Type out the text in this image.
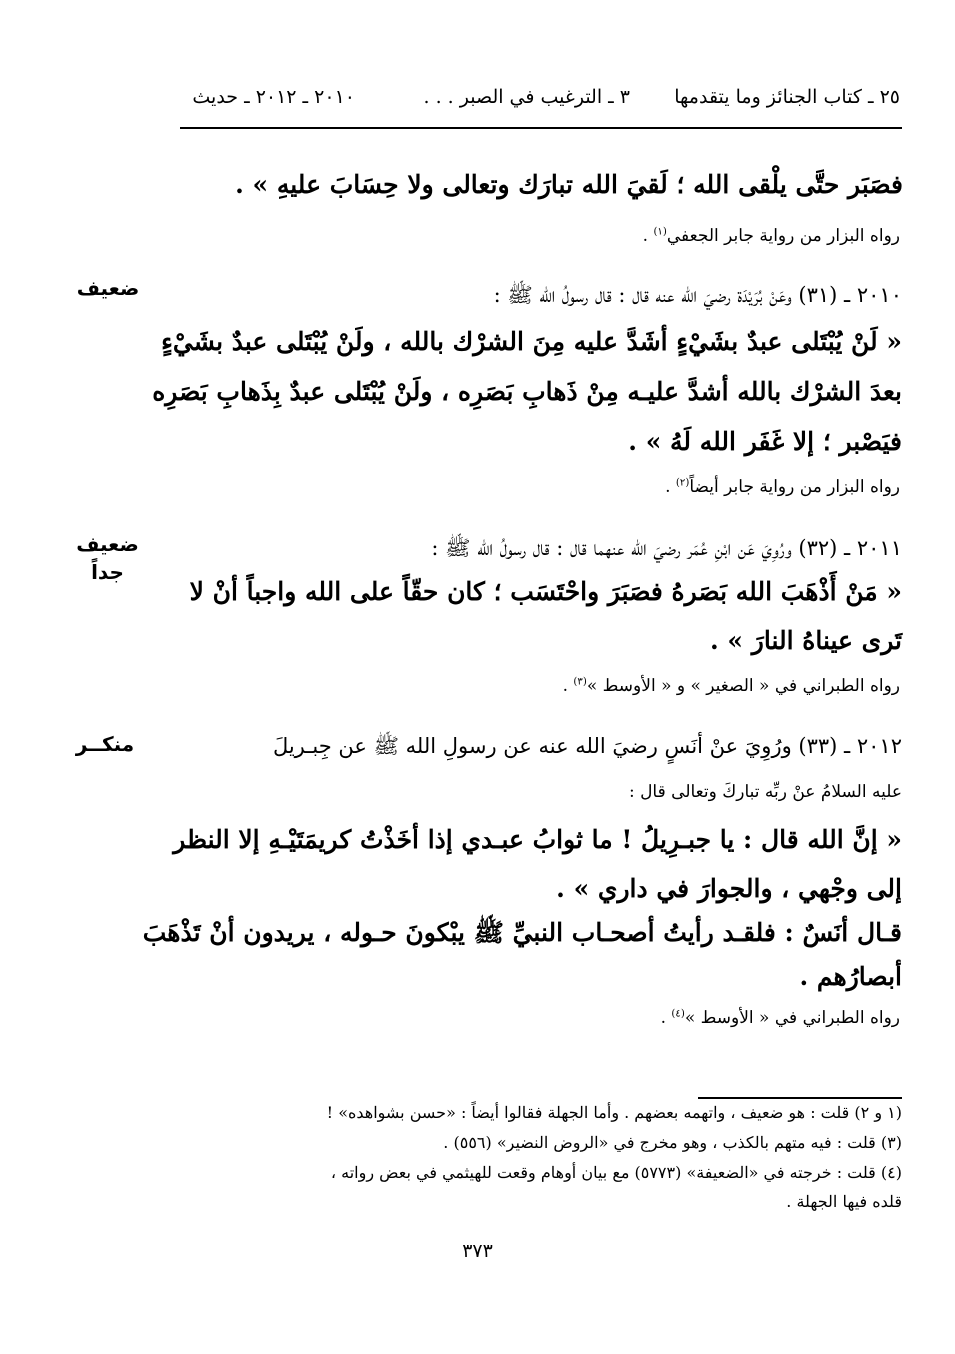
٢٥ ـ كتاب الجنائز وما يتقدمها
٣ ـ الترغيب في الصبر . . .
٢٠١٠ ـ ٢٠١٢ ـ حديث
فصَبَر حتَّى يلْقى الله ؛ لَقيَ الله تبارَك وتعالى ولا حِسَابَ عليهِ » .
رواه البزار من رواية جابر الجعفي$^{(١)}$ .
ضعيف	٢٠١٠ ـ (٣١) وعَنْ بُرَيْدَة رضيَ الله عنه قال : قال رسولُ الله ﷺ :
« لَنْ يُبْتَلى عبدٌ بشَيْءٍ أشَدَّ عليه مِنَ الشرْك بالله ، ولَنْ يُبْتَلى عبدٌ بشَيْءٍ
بعدَ الشرْك بالله أشدَّ عليـه مِنْ ذَهابِ بَصَرِه ، ولَنْ يُبْتَلى عبدٌ بِذَهابِ بَصَرِه
فيَصْبر ؛ إلا غَفَر الله لَهُ » .
رواه البزار من رواية جابر أيضاً$^{(٢)}$ .
ضعيف
جداً
٢٠١١ ـ (٣٢) ورُوِيَ عَن ابْنِ عُمَر رضيَ الله عنهما قال : قال رسولُ الله ﷺ :
« مَنْ أَذْهَبَ الله بَصَرهُ فصَبَرَ واحْتَسَب ؛ كان حقّاً على الله واجباً أنْ لا
تَرى عيناهُ النارَ » .
رواه الطبراني في « الصغير » و « الأوسط »$^{(٣)}$ .
منكــر	٢٠١٢ ـ (٣٣) ورُوِيَ عنْ أنَسٍ رضيَ الله عنه عن رسولِ الله ﷺ عن جِبـريلَ
عليه السلامُ عنْ ربِّه تباركَ وتعالى قال :
« إنَّ الله قال : يا جبـرِيلُ ! ما ثوابُ عبـدي إذا أخَذْتُ كريمَتَيْـهِ إلا النظر
إلى وجْهي ، والجوارَ في داري » .
قـال أنَسٌ : فلقـد رأيتُ أصحـاب النبيِّ ﷺ يبْكونَ حـوله ، يريدون أنْ تَذْهَبَ
أبصارُهم .
رواه الطبراني في « الأوسط »$^{(٤)}$ .
(١ و ٢) قلت : هو ضعيف ، واتهمه بعضهم . وأما الجهلة فقالوا أيضاً : «حسن بشواهده» !
(٣) قلت : فيه متهم بالكذب ، وهو مخرج في «الروض النضير» (٥٥٦) .
(٤) قلت : خرجته في «الضعيفة» (٥٧٧٣) مع بيان أوهام وقعت للهيثمي في بعض رواته ،
قلده فيها الجهلة .
٣٧٣
